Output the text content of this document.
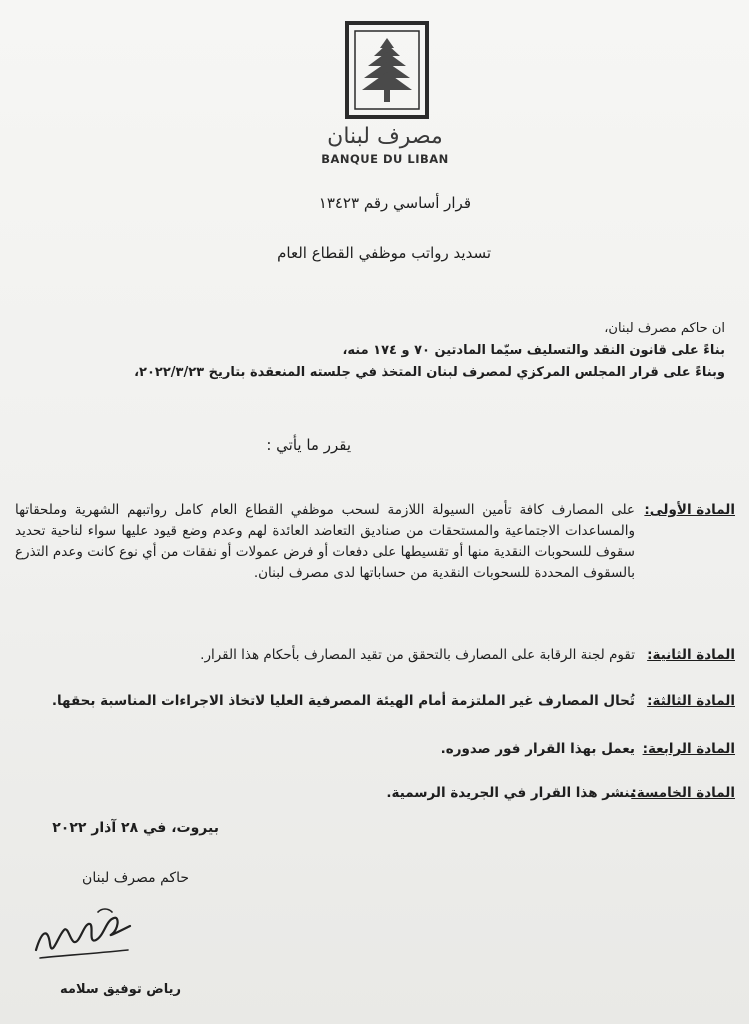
مصرف لبنان
BANQUE DU LIBAN
قرار أساسي رقم ١٣٤٢٣
تسديد رواتب موظفي القطاع العام
ان حاكم مصرف لبنان،
بناءً على قانون النقد والتسليف سيّما المادتين ٧٠ و ١٧٤ منه،
وبناءً على قرار المجلس المركزي لمصرف لبنان المتخذ في جلسته المنعقدة بتاريخ ٢٠٢٢/٣/٢٣،
يقرر ما يأتي :
المادة الأولى:
على المصارف كافة تأمين السيولة اللازمة لسحب موظفي القطاع العام كامل رواتبهم الشهرية وملحقاتها والمساعدات الاجتماعية والمستحقات من صناديق التعاضد العائدة لهم وعدم وضع قيود عليها سواء لناحية تحديد سقوف للسحوبات النقدية منها أو تقسيطها على دفعات أو فرض عمولات أو نفقات من أي نوع كانت وعدم التذرع بالسقوف المحددة للسحوبات النقدية من حساباتها لدى مصرف لبنان.
المادة الثانية:
تقوم لجنة الرقابة على المصارف بالتحقق من تقيد المصارف بأحكام هذا القرار.
المادة الثالثة:
تُحال المصارف غير الملتزمة أمام الهيئة المصرفية العليا لاتخاذ الاجراءات المناسبة بحقها.
المادة الرابعة:
يعمل بهذا القرار فور صدوره.
المادة الخامسة:
ينشر هذا القرار في الجريدة الرسمية.
بيروت، في ٢٨ آذار ٢٠٢٢
حاكم مصرف لبنان
رياض توفيق سلامه
